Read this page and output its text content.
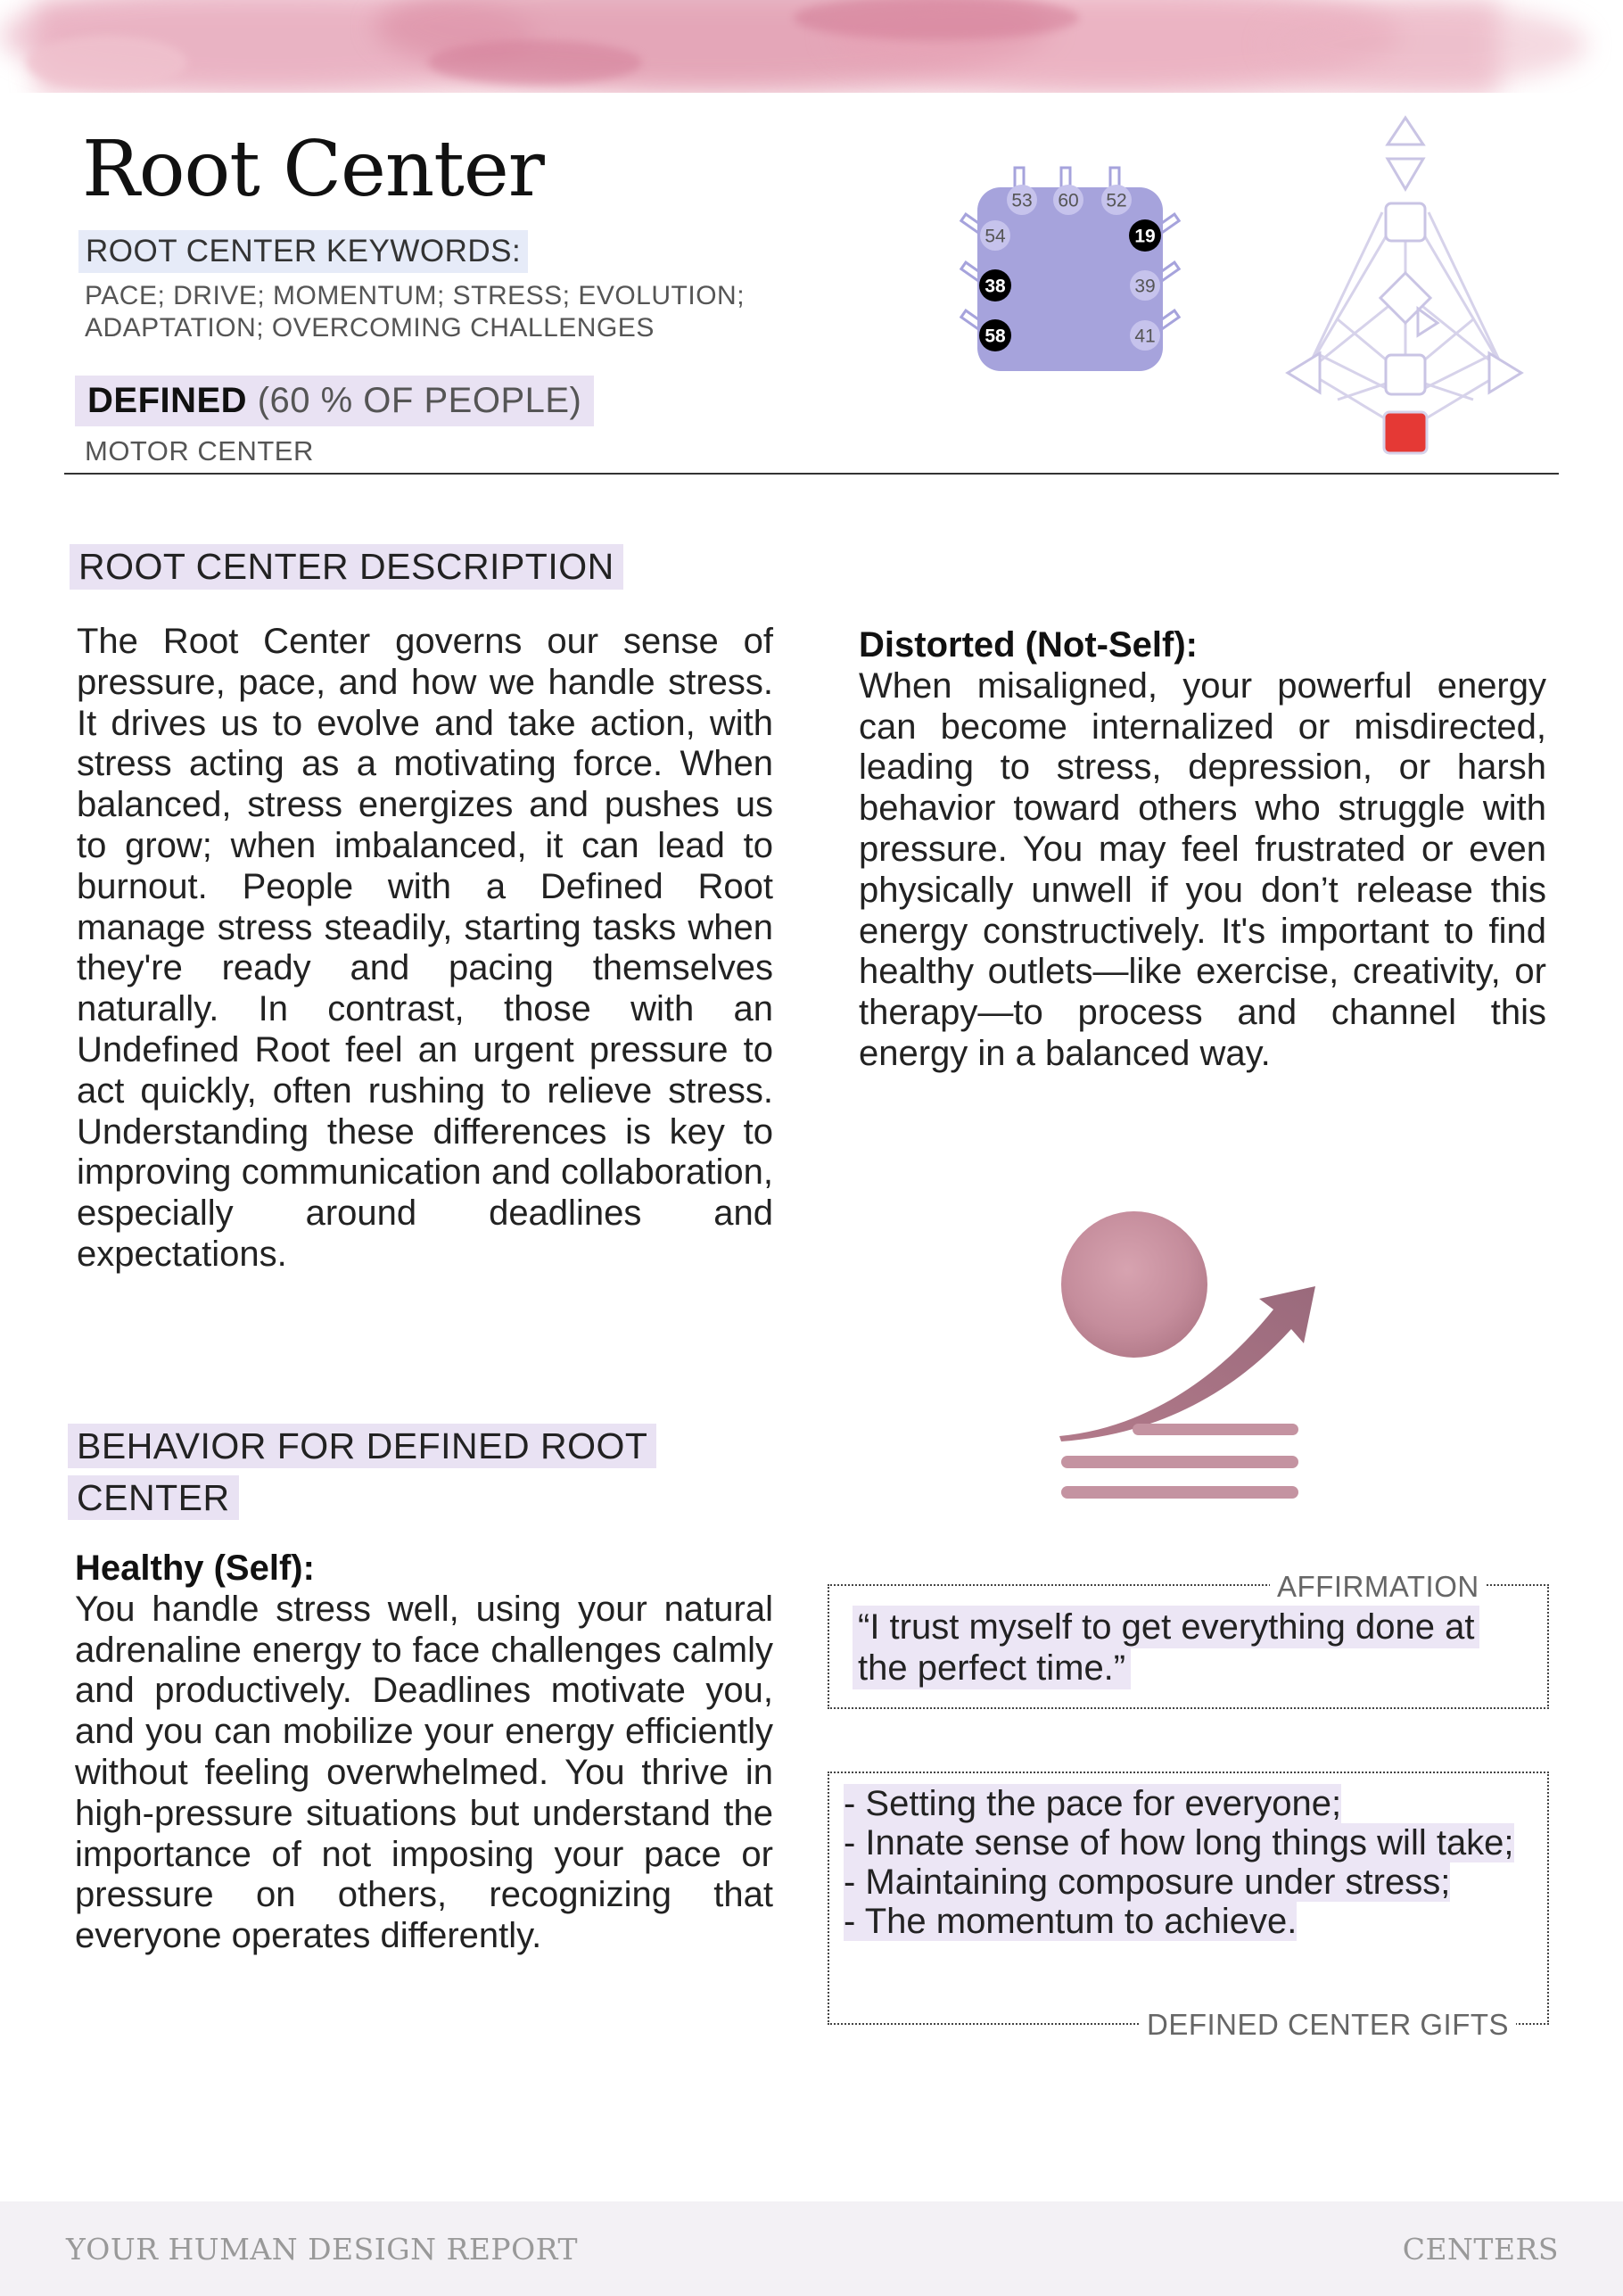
Root Center
ROOT CENTER KEYWORDS:
PACE; DRIVE; MOMENTUM; STRESS; EVOLUTION;
ADAPTATION; OVERCOMING CHALLENGES
DEFINED (60 % OF PEOPLE)
MOTOR CENTER
53 60 52
54
38
58
19
39
41
ROOT CENTER DESCRIPTION
The Root Center governs our sense of pressure, pace, and how we handle stress. It drives us to evolve and take action, with stress acting as a motivating force. When balanced, stress energizes and pushes us to grow; when imbalanced, it can lead to burnout. People with a Defined Root manage stress steadily, starting tasks when they're ready and pacing themselves naturally. In contrast, those with an Undefined Root feel an urgent pressure to act quickly, often rushing to relieve stress. Understanding these differences is key to improving communication and collaboration, especially around deadlines and expectations.
Distorted (Not-Self):
When misaligned, your powerful energy can become internalized or misdirected, leading to stress, depression, or harsh behavior toward others who struggle with pressure. You may feel frustrated or even physically unwell if you don’t release this energy constructively. It's important to find healthy outlets—like exercise, creativity, or therapy—to process and channel this energy in a balanced way.
BEHAVIOR FOR DEFINED ROOT
CENTER
Healthy (Self):
You handle stress well, using your natural adrenaline energy to face challenges calmly and productively. Deadlines motivate you, and you can mobilize your energy efficiently without feeling overwhelmed. You thrive in high-pressure situations but understand the importance of not imposing your pace or pressure on others, recognizing that everyone operates differently.
AFFIRMATION
“I trust myself to get everything done at the perfect time.”
- Setting the pace for everyone;
- Innate sense of how long things will take;
- Maintaining composure under stress;
- The momentum to achieve.
DEFINED CENTER GIFTS
YOUR HUMAN DESIGN REPORT	CENTERS
